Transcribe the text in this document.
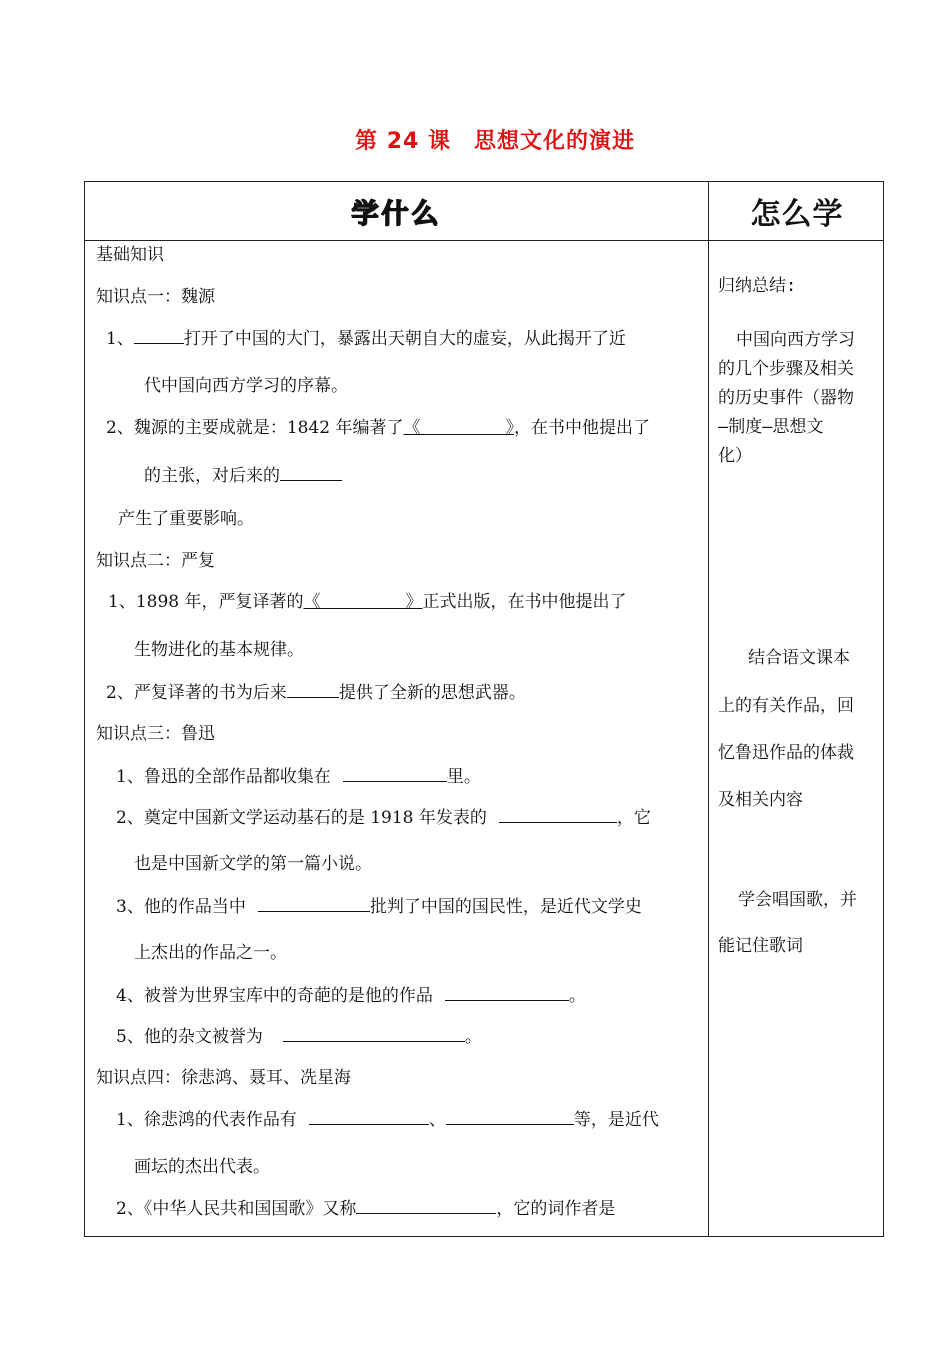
第 24 课　思想文化的演进
学什么	怎么学
基础知识
知识点一：魏源
1、	打开了中国的大门，暴露出天朝自大的虚妄，从此揭开了近
代中国向西方学习的序幕。
2、魏源的主要成就是：1842 年编著了《　　　　　》，在书中他提出了
的主张，对后来的
产生了重要影响。
知识点二：严复
1、1898 年，严复译著的《　　　　　》正式出版，在书中他提出了
生物进化的基本规律。
2、严复译著的书为后来	提供了全新的思想武器。
知识点三：鲁迅
1、鲁迅的全部作品都收集在	里。
2、奠定中国新文学运动基石的是 1918 年发表的	，它
也是中国新文学的第一篇小说。
3、他的作品当中	批判了中国的国民性，是近代文学史
上杰出的作品之一。
4、被誉为世界宝库中的奇葩的是他的作品	。
5、他的杂文被誉为	。
知识点四：徐悲鸿、聂耳、冼星海
1、徐悲鸿的代表作品有	、	等，是近代
画坛的杰出代表。
2、《中华人民共和国国歌》又称	，它的词作者是
归纳总结:
中国向西方学习
的几个步骤及相关
的历史事件（器物
—制度—思想文
化）
结合语文课本
上的有关作品，回
忆鲁迅作品的体裁
及相关内容
学会唱国歌，并
能记住歌词
